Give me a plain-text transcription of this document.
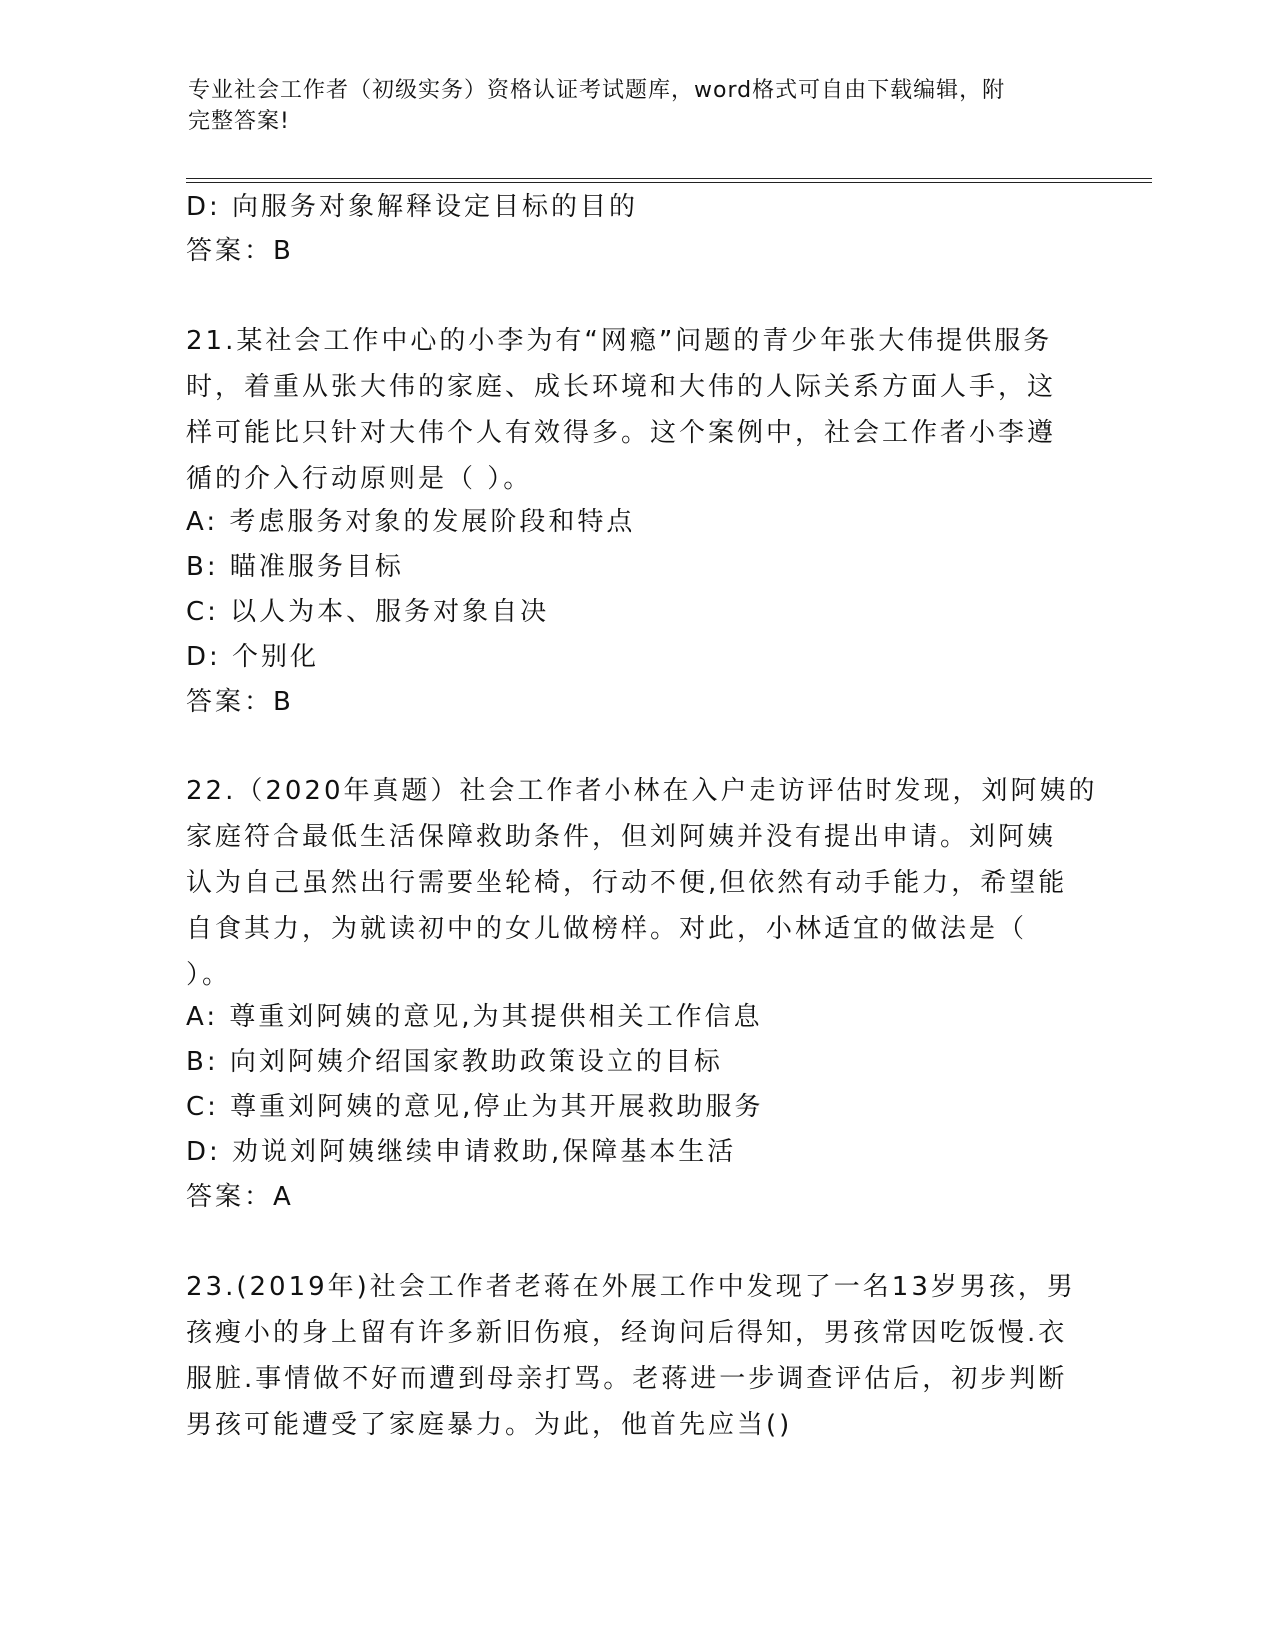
专业社会工作者（初级实务）资格认证考试题库，word格式可自由下载编辑，附
完整答案!
D: 向服务对象解释设定目标的目的
答案：B
21.某社会工作中心的小李为有“网瘾”问题的青少年张大伟提供服务
时，着重从张大伟的家庭、成长环境和大伟的人际关系方面人手，这
样可能比只针对大伟个人有效得多。这个案例中，社会工作者小李遵
循的介入行动原则是（ ）。
A: 考虑服务对象的发展阶段和特点
B: 瞄准服务目标
C: 以人为本、服务对象自决
D: 个别化
答案：B
22.（2020年真题）社会工作者小林在入户走访评估时发现，刘阿姨的
家庭符合最低生活保障救助条件，但刘阿姨并没有提出申请。刘阿姨
认为自己虽然出行需要坐轮椅，行动不便,但依然有动手能力，希望能
自食其力，为就读初中的女儿做榜样。对此，小林适宜的做法是（
）。
A: 尊重刘阿姨的意见,为其提供相关工作信息
B: 向刘阿姨介绍国家教助政策设立的目标
C: 尊重刘阿姨的意见,停止为其开展救助服务
D: 劝说刘阿姨继续申请救助,保障基本生活
答案：A
23.(2019年)社会工作者老蒋在外展工作中发现了一名13岁男孩，男
孩瘦小的身上留有许多新旧伤痕，经询问后得知，男孩常因吃饭慢.衣
服脏.事情做不好而遭到母亲打骂。老蒋进一步调查评估后，初步判断
男孩可能遭受了家庭暴力。为此，他首先应当()
